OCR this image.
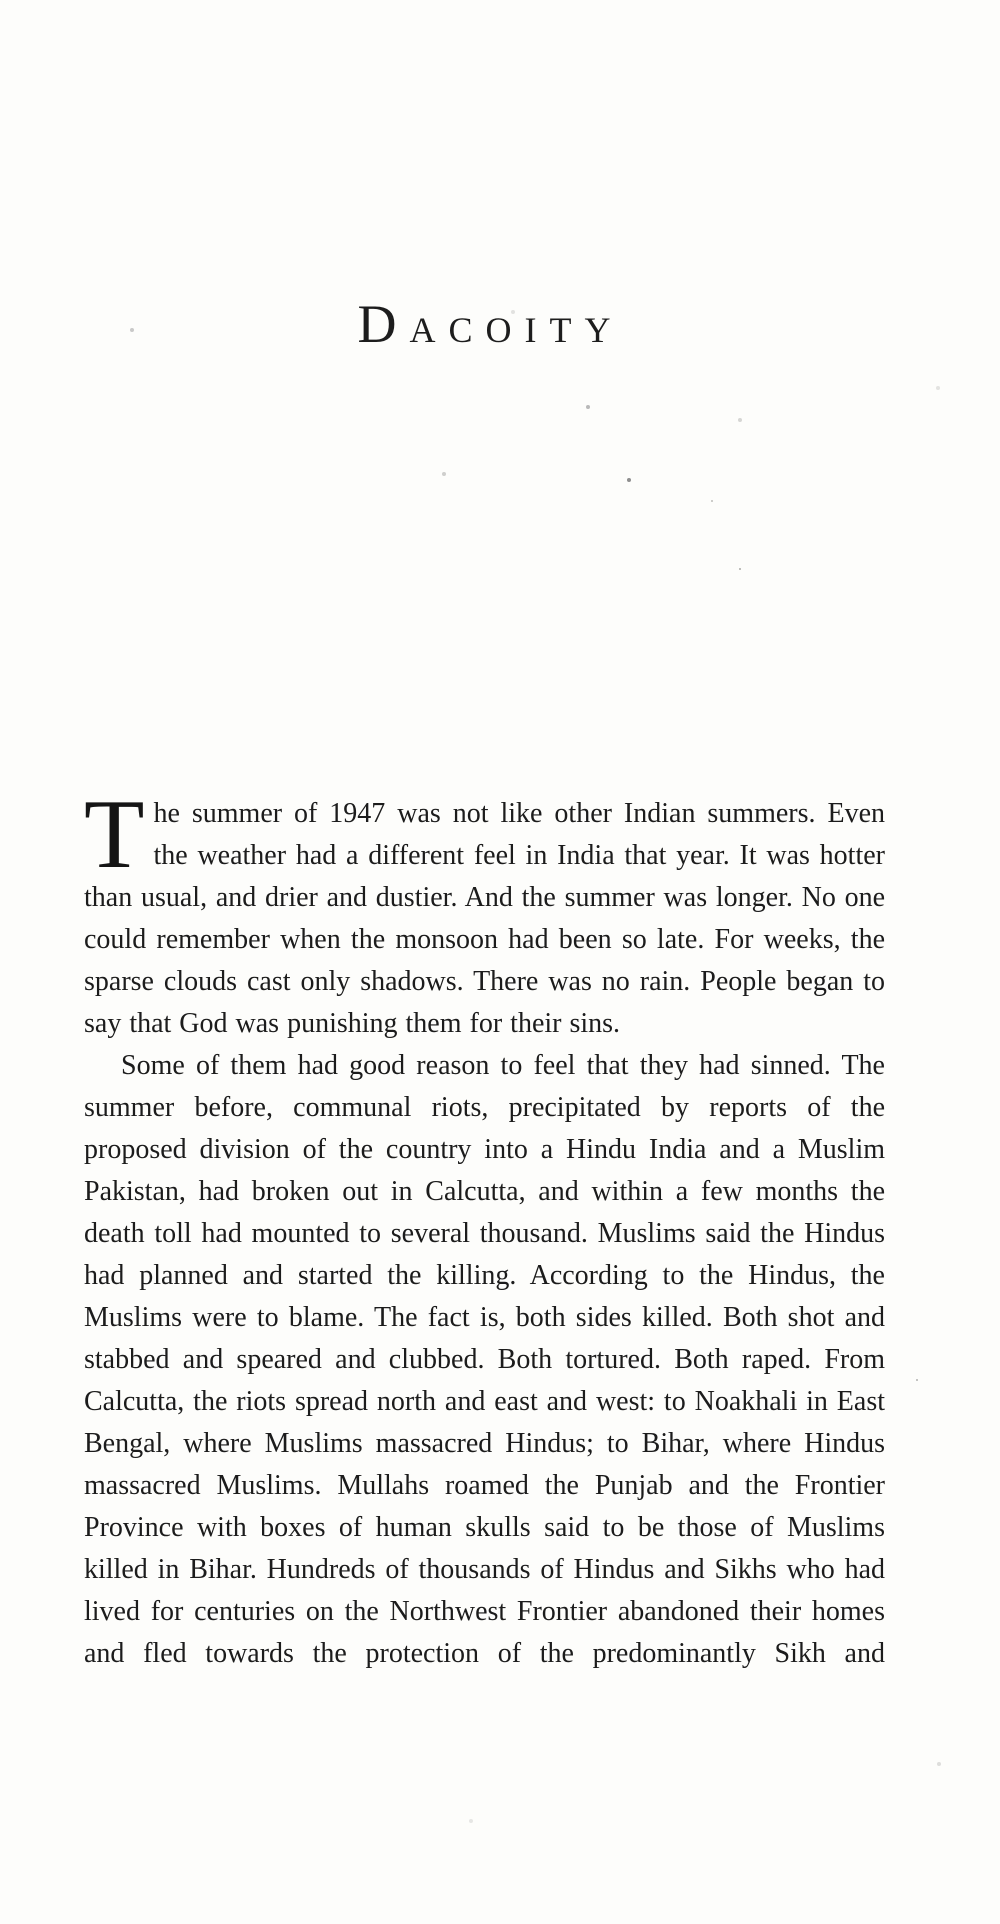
DACOITY

The summer of 1947 was not like other Indian summers. Even the weather had a different feel in India that year. It was hotter than usual, and drier and dustier. And the summer was longer. No one could remember when the monsoon had been so late. For weeks, the sparse clouds cast only shadows. There was no rain. People began to say that God was punishing them for their sins.

Some of them had good reason to feel that they had sinned. The summer before, communal riots, precipitated by reports of the proposed division of the country into a Hindu India and a Muslim Pakistan, had broken out in Calcutta, and within a few months the death toll had mounted to several thousand. Muslims said the Hindus had planned and started the killing. According to the Hindus, the Muslims were to blame. The fact is, both sides killed. Both shot and stabbed and speared and clubbed. Both tortured. Both raped. From Calcutta, the riots spread north and east and west: to Noakhali in East Bengal, where Muslims massacred Hindus; to Bihar, where Hindus massacred Muslims. Mullahs roamed the Punjab and the Frontier Province with boxes of human skulls said to be those of Muslims killed in Bihar. Hundreds of thousands of Hindus and Sikhs who had lived for centuries on the Northwest Frontier abandoned their homes and fled towards the protection of the predominantly Sikh and
